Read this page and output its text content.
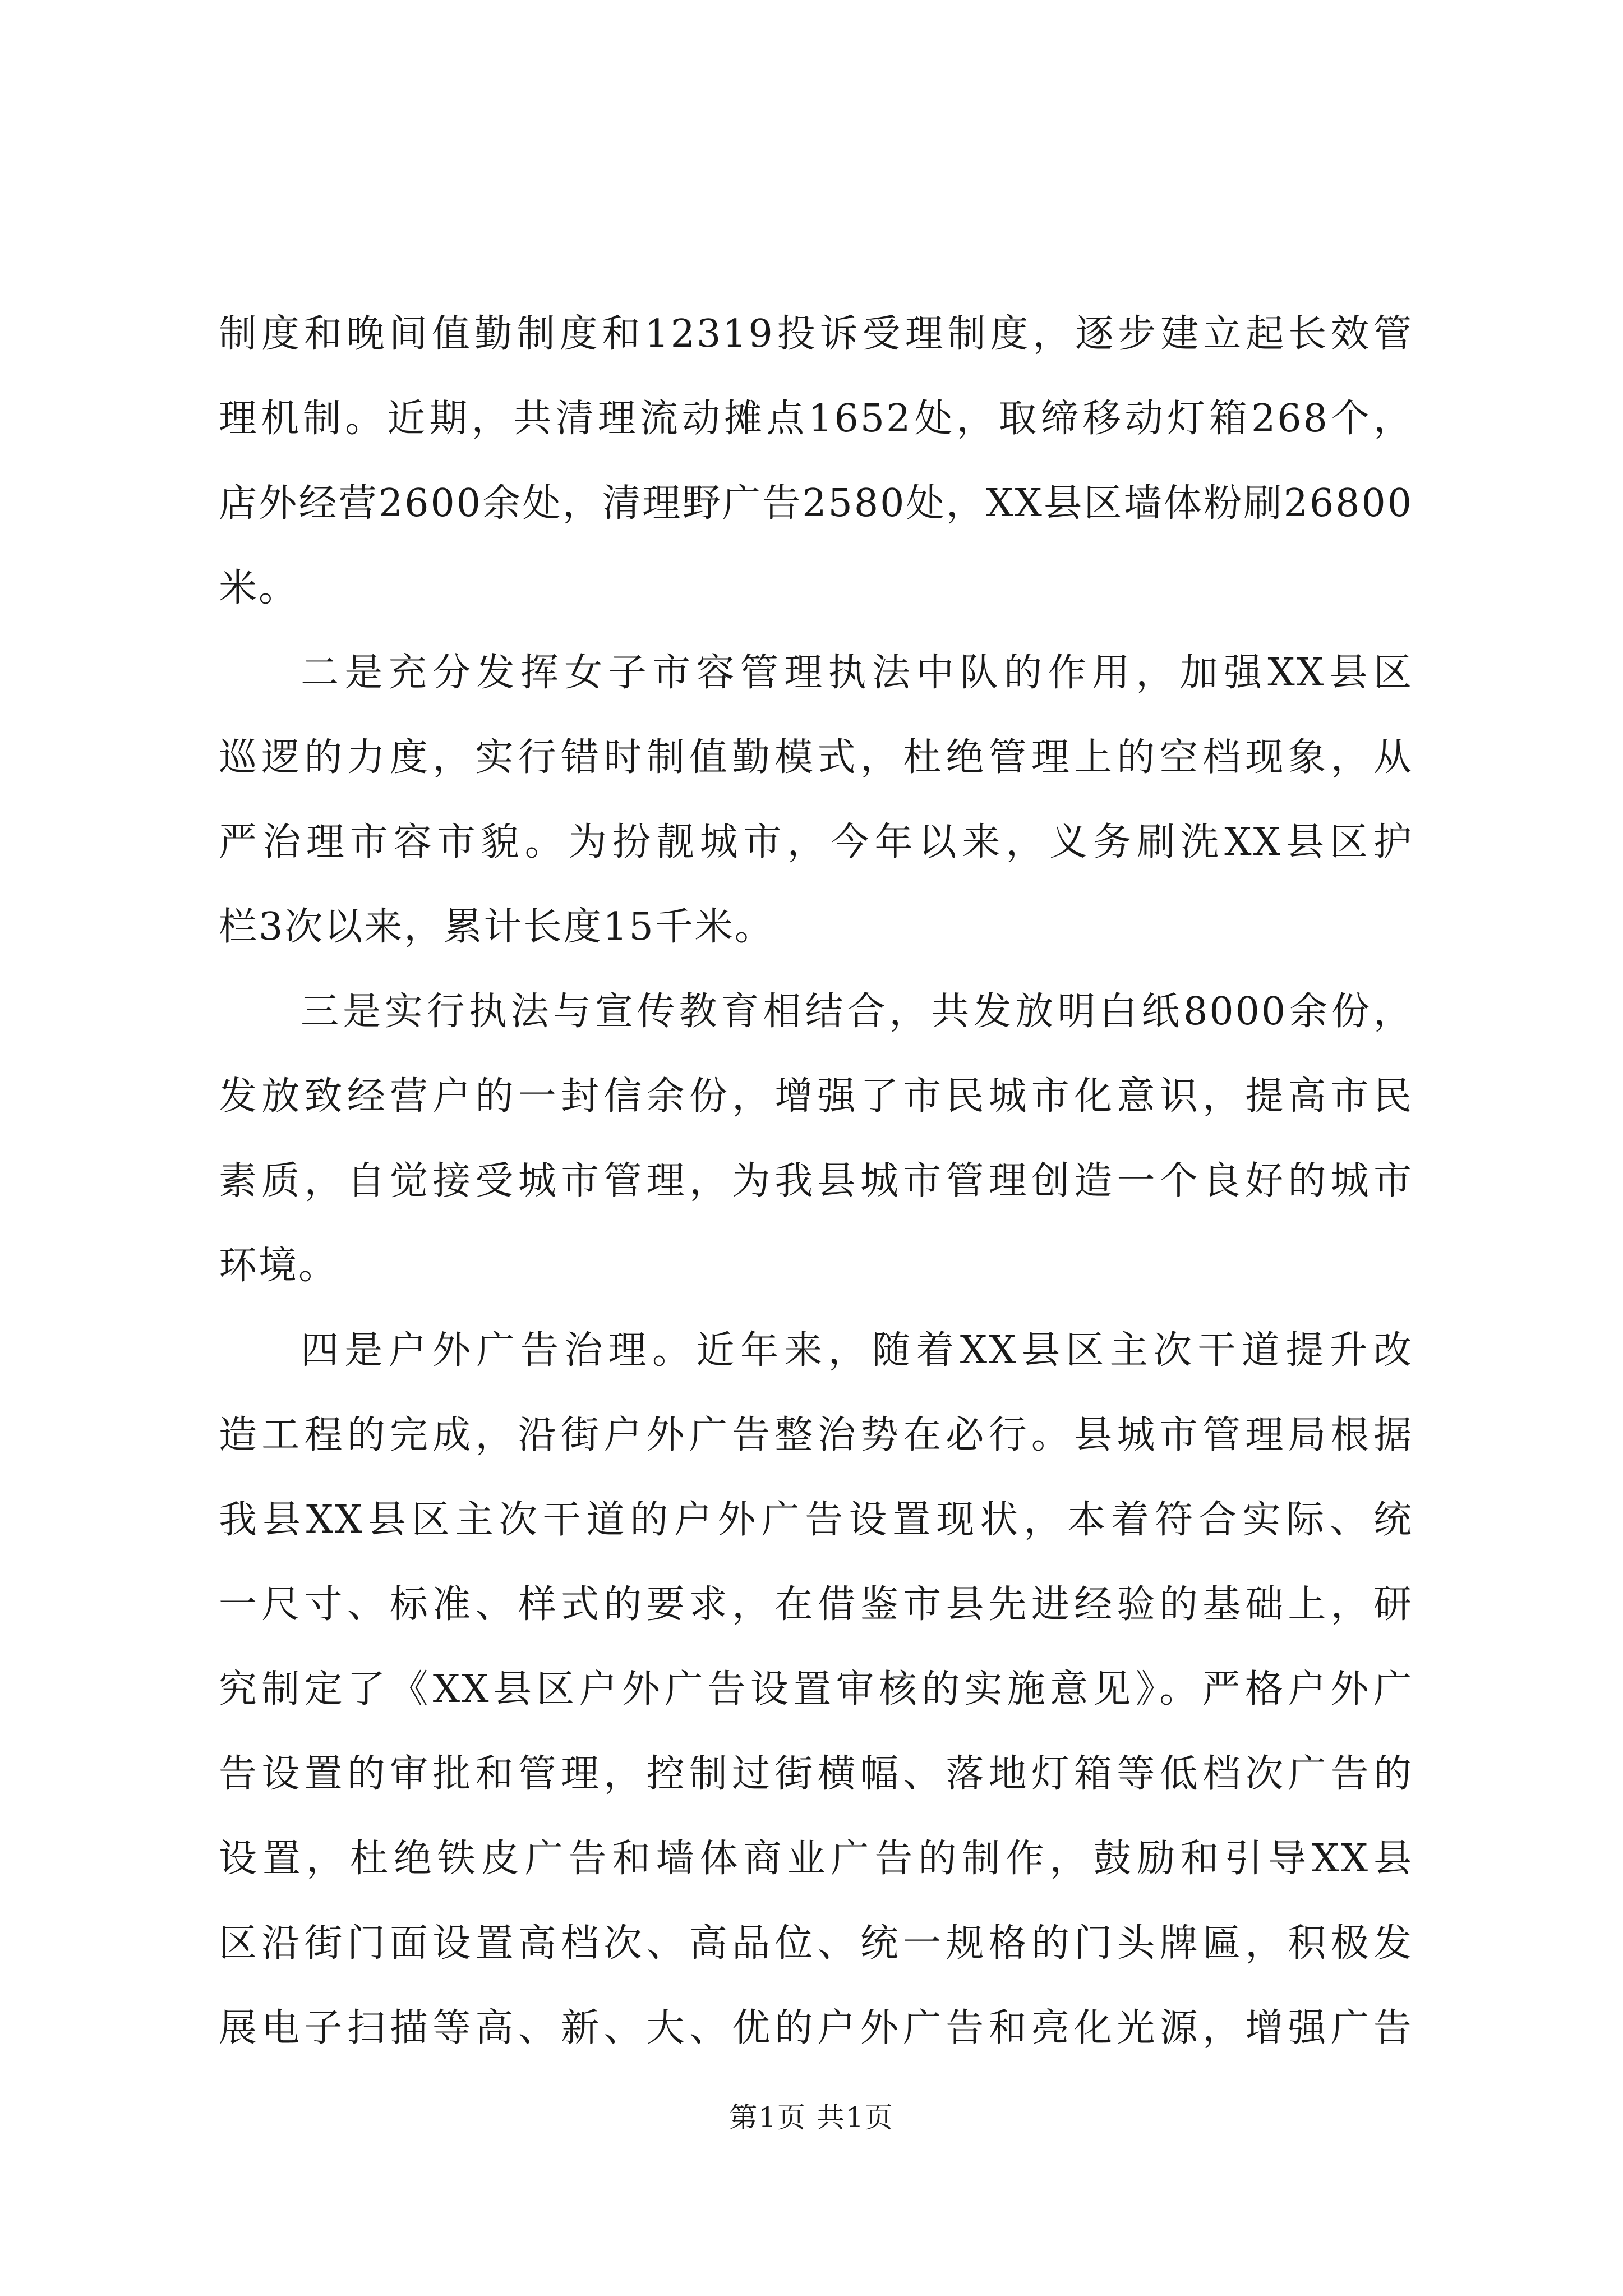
制度和晚间值勤制度和12319投诉受理制度，逐步建立起长效管
理机制。近期，共清理流动摊点1652处，取缔移动灯箱268个，
店外经营2600余处，清理野广告2580处，XX县区墙体粉刷26800
米。
二是充分发挥女子市容管理执法中队的作用，加强XX县区
巡逻的力度，实行错时制值勤模式，杜绝管理上的空档现象，从
严治理市容市貌。为扮靓城市，今年以来，义务刷洗XX县区护
栏3次以来，累计长度15千米。
三是实行执法与宣传教育相结合，共发放明白纸8000余份，
发放致经营户的一封信余份，增强了市民城市化意识，提高市民
素质，自觉接受城市管理，为我县城市管理创造一个良好的城市
环境。
四是户外广告治理。近年来，随着XX县区主次干道提升改
造工程的完成，沿街户外广告整治势在必行。县城市管理局根据
我县XX县区主次干道的户外广告设置现状，本着符合实际、统
一尺寸、标准、样式的要求，在借鉴市县先进经验的基础上，研
究制定了《XX县区户外广告设置审核的实施意见》。严格户外广
告设置的审批和管理，控制过街横幅、落地灯箱等低档次广告的
设置，杜绝铁皮广告和墙体商业广告的制作，鼓励和引导XX县
区沿街门面设置高档次、高品位、统一规格的门头牌匾，积极发
展电子扫描等高、新、大、优的户外广告和亮化光源，增强广告
第1页 共1页
